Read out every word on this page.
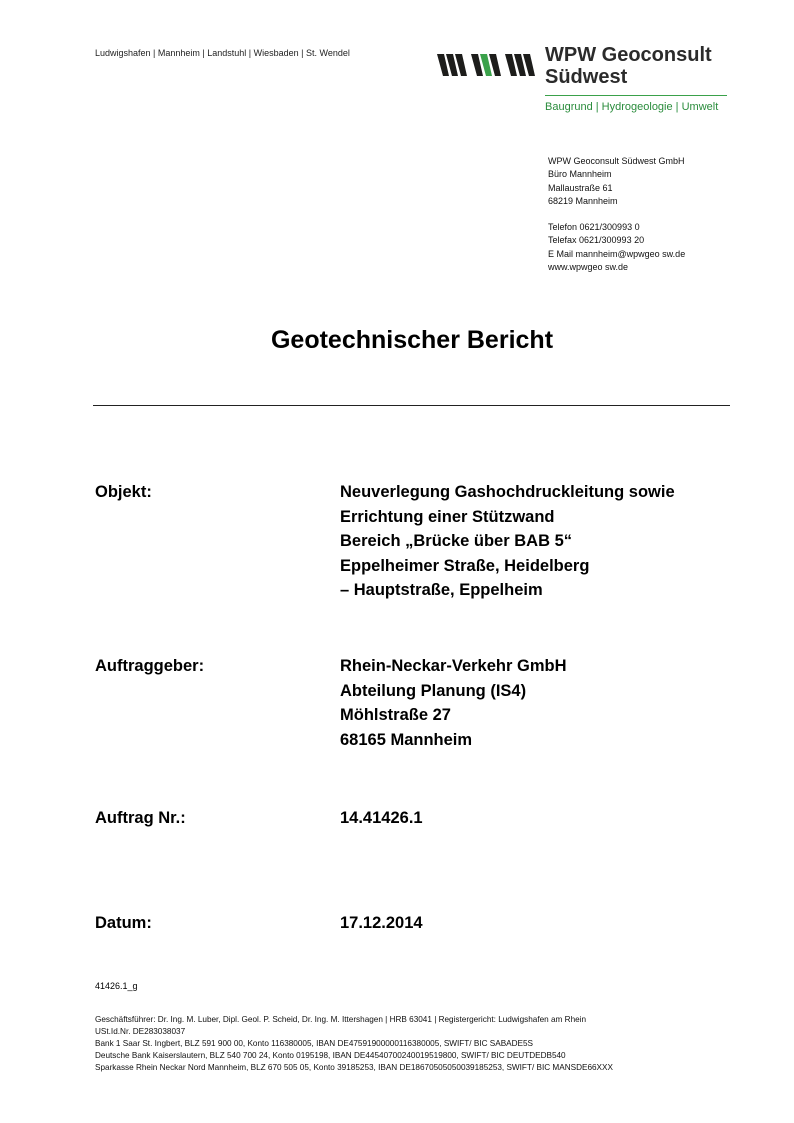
Ludwigshafen | Mannheim | Landstuhl | Wiesbaden | St. Wendel	WPW Geoconsult
Südwest
Baugrund | Hydrogeologie | Umwelt
WPW Geoconsult Südwest GmbH
Büro Mannheim
Mallaustraße 61
68219 Mannheim
Telefon 0621/300993 0
Telefax 0621/300993 20
E Mail mannheim@wpwgeo sw.de
www.wpwgeo sw.de
Geotechnischer Bericht
Objekt:	Neuverlegung Gashochdruckleitung sowie
Errichtung einer Stützwand
Bereich „Brücke über BAB 5“
Eppelheimer Straße, Heidelberg
– Hauptstraße, Eppelheim
Auftraggeber:	Rhein-Neckar-Verkehr GmbH
Abteilung Planung (IS4)
Möhlstraße 27
68165 Mannheim
Auftrag Nr.:	14.41426.1
Datum:	17.12.2014
41426.1_g
Geschäftsführer: Dr. Ing. M. Luber, Dipl. Geol. P. Scheid, Dr. Ing. M. Ittershagen | HRB 63041 | Registergericht: Ludwigshafen am Rhein
USt.Id.Nr. DE283038037
Bank 1 Saar St. Ingbert, BLZ 591 900 00, Konto 116380005, IBAN DE47591900000116380005, SWIFT/ BIC SABADE5S
Deutsche Bank Kaiserslautern, BLZ 540 700 24, Konto 0195198, IBAN DE44540700240019519800, SWIFT/ BIC DEUTDEDB540
Sparkasse Rhein Neckar Nord Mannheim, BLZ 670 505 05, Konto 39185253, IBAN DE18670505050039185253, SWIFT/ BIC MANSDE66XXX
